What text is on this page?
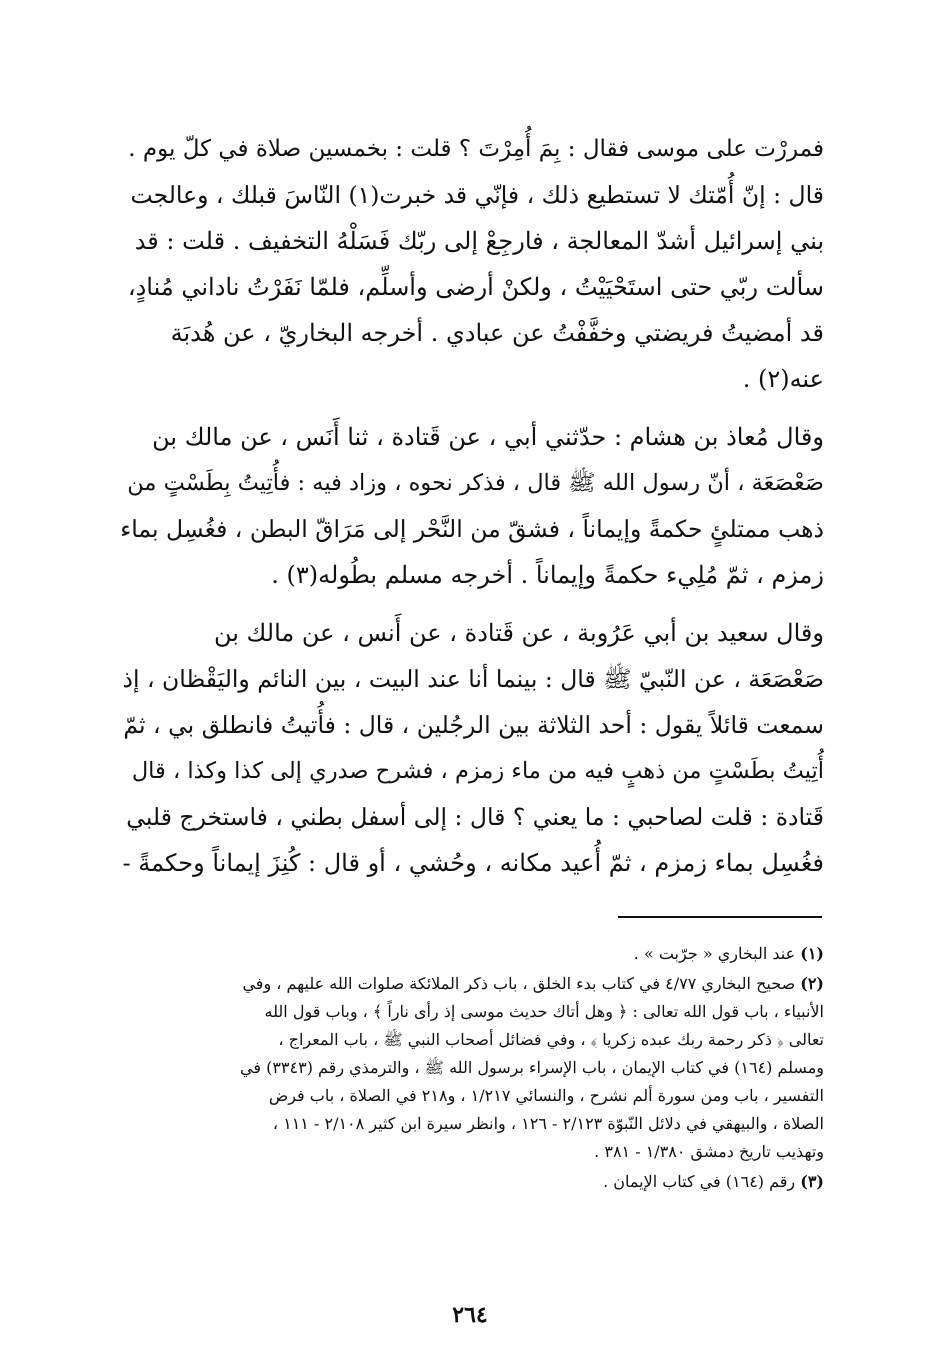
فمررْت على موسى فقال : بِمَ أُمِرْتَ ؟ قلت : بخمسين صلاة في كلّ يوم .
قال : إنّ أُمّتك لا تستطيع ذلك ، فإنّي قد خبرت(١) النّاسَ قبلك ، وعالجت
بني إسرائيل أشدّ المعالجة ، فارجِعْ إلى ربّك فَسَلْهُ التخفيف . قلت : قد
سألت ربّي حتى استَحْيَيْتُ ، ولكنْ أرضى وأسلِّم، فلمّا نَفَرْتُ ناداني مُنادٍ،
قد أمضيتُ فريضتي وخفَّفْتُ عن عبادي . أخرجه البخاريّ ، عن هُدبَة
عنه(٢) .

وقال مُعاذ بن هشام : حدّثني أبي ، عن قَتادة ، ثنا أَنَس ، عن مالك بن
صَعْصَعَة ، أنّ رسول الله ﷺ قال ، فذكر نحوه ، وزاد فيه : فأُتِيتُ بِطَسْتٍ من
ذهب ممتلئٍ حكمةً وإيماناً ، فشقّ من النَّحْر إلى مَرَاقّ البطن ، فغُسِل بماء
زمزم ، ثمّ مُلِيء حكمةً وإيماناً . أخرجه مسلم بطُوله(٣) .

وقال سعيد بن أبي عَرُوبة ، عن قَتادة ، عن أَنس ، عن مالك بن
صَعْصَعَة ، عن النّبيّ ﷺ قال : بينما أنا عند البيت ، بين النائم واليَقْظان ، إذ
سمعت قائلاً يقول : أحد الثلاثة بين الرجُلين ، قال : فأُتيتُ فانطلق بي ، ثمّ
أُتِيتُ بطَسْتٍ من ذهبٍ فيه من ماء زمزم ، فشرح صدري إلى كذا وكذا ، قال
قَتادة : قلت لصاحبي : ما يعني ؟ قال : إلى أسفل بطني ، فاستخرج قلبي
فغُسِل بماء زمزم ، ثمّ أُعيد مكانه ، وحُشي ، أو قال : كُنِزَ إيماناً وحكمةً -

(١) عند البخاري « جرّبت » .
(٢) صحيح البخاري ٤/٧٧ في كتاب بدء الخلق ، باب ذكر الملائكة صلوات الله عليهم ، وفي
الأنبياء ، باب قول الله تعالى : ﴿ وهل أتاك حديث موسى إذ رأى ناراً ﴾ ، وباب قول الله
تعالى ﴿ ذكر رحمة ربك عبده زكريا ﴾ ، وفي فضائل أصحاب النبي ﷺ ، باب المعراج ،
ومسلم (١٦٤) في كتاب الإيمان ، باب الإسراء برسول الله ﷺ ، والترمذي رقم (٣٣٤٣) في
التفسير ، باب ومن سورة ألم نشرح ، والنسائي ١/٢١٧ ، و٢١٨ في الصلاة ، باب فرض
الصلاة ، والبيهقي في دلائل النّبوّة ٢/١٢٣ - ١٢٦ ، وانظر سيرة ابن كثير ٢/١٠٨ - ١١١ ،
وتهذيب تاريخ دمشق ١/٣٨٠ - ٣٨١ .
(٣) رقم (١٦٤) في كتاب الإيمان .
٢٦٤
